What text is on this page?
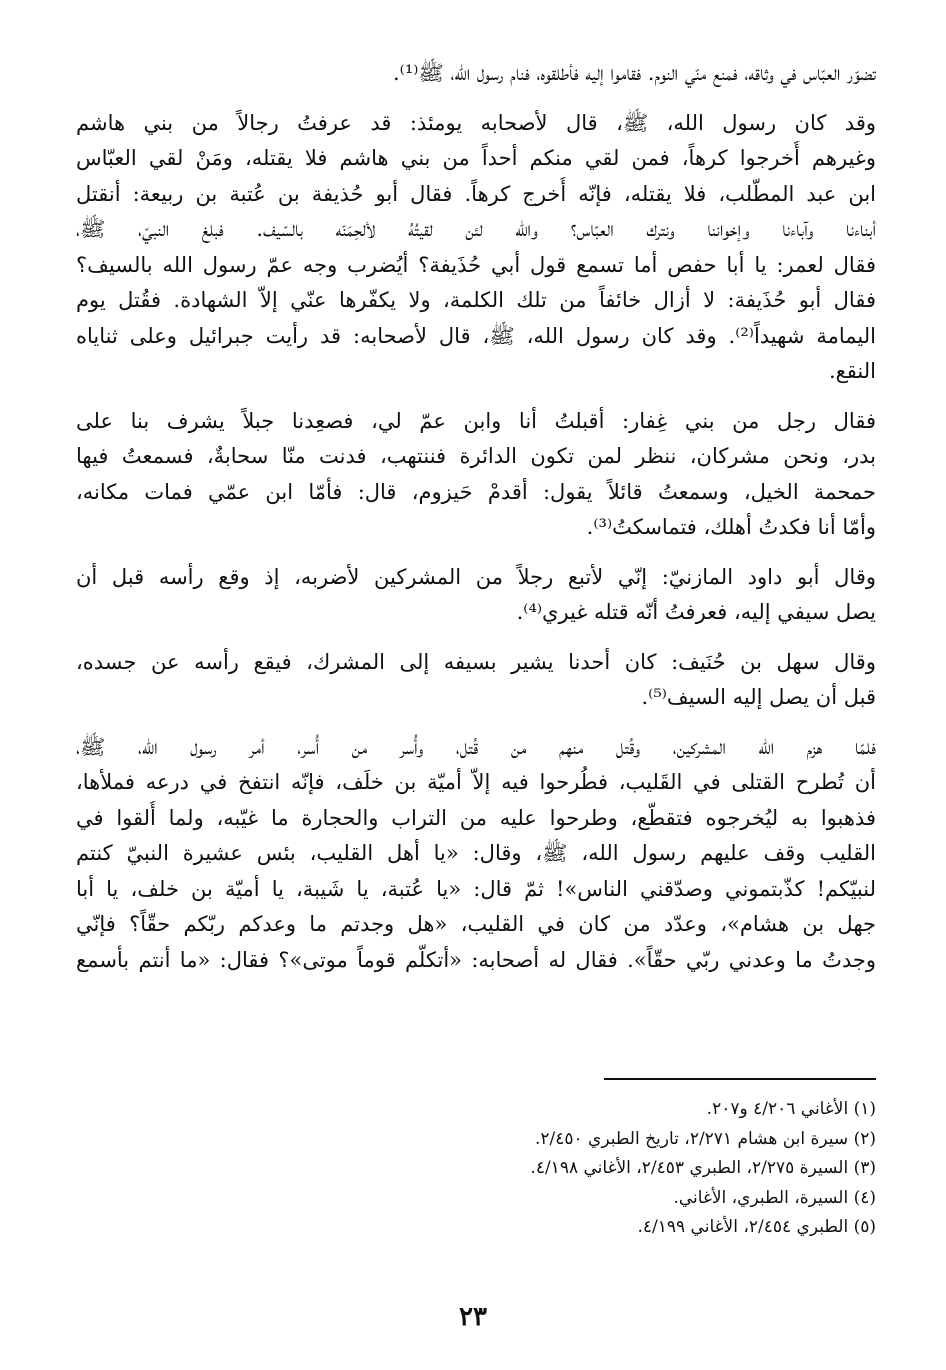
تضوّر العبّاس في وثاقه، فمنع منّي النوم. فقاموا إليه فأطلقوه، فنام رسول الله، ﷺ⁽¹⁾.

وقد كان رسول الله، ﷺ، قال لأصحابه يومئذ: قد عرفتُ رجالاً من بني هاشم
وغيرهم أُخرجوا كرهاً، فمن لقي منكم أحداً من بني هاشم فلا يقتله، ومَنْ لقي العبّاس
ابن عبد المطّلب، فلا يقتله، فإنّه أُخرج كرهاً. فقال أبو حُذيفة بن عُتبة بن ربيعة: أنقتل
أبناءنا وآباءنا وإخواننا ونترك العبّاس؟ والله لئن لقيتُهُ لألحِمَنّه بالسّيف. فبلغ النبيّ، ﷺ،
فقال لعمر: يا أبا حفص أما تسمع قول أبي حُذَيفة؟ أيُضرب وجه عمّ رسول الله بالسيف؟
فقال أبو حُذَيفة: لا أزال خائفاً من تلك الكلمة، ولا يكفّرها عنّي إلاّ الشهادة. فقُتل يوم
اليمامة شهيداً⁽²⁾. وقد كان رسول الله، ﷺ، قال لأصحابه: قد رأيت جبرائيل وعلى ثناياه
النقع.

فقال رجل من بني غِفار: أقبلتُ أنا وابن عمّ لي، فصعِدنا جبلاً يشرف بنا على
بدر، ونحن مشركان، ننظر لمن تكون الدائرة فننتهب، فدنت منّا سحابةٌ، فسمعتُ فيها
حمحمة الخيل، وسمعتُ قائلاً يقول: أقدمْ حَيزوم، قال: فأمّا ابن عمّي فمات مكانه،
وأمّا أنا فكدتُ أهلك، فتماسكتُ⁽³⁾.

وقال أبو داود المازنيّ: إنّي لأتبع رجلاً من المشركين لأضربه، إذ وقع رأسه قبل أن
يصل سيفي إليه، فعرفتُ أنّه قتله غيري⁽⁴⁾.

وقال سهل بن حُنَيف: كان أحدنا يشير بسيفه إلى المشرك، فيقع رأسه عن جسده،
قبل أن يصل إليه السيف⁽⁵⁾.

فلمّا هزم الله المشركين، وقُتل منهم من قُتل، وأُسر من أُسر، أمر رسول الله، ﷺ،
أن تُطرح القتلى في القَليب، فطُرحوا فيه إلاّ أميّة بن خلَف، فإنّه انتفخ في درعه فملأها،
فذهبوا به ليُخرجوه فتقطّع، وطرحوا عليه من التراب والحجارة ما غيّبه، ولما أُلقوا في
القليب وقف عليهم رسول الله، ﷺ، وقال: «يا أهل القليب، بئس عشيرة النبيّ كنتم
لنبيّكم! كذّبتموني وصدّقني الناس»! ثمّ قال: «يا عُتبة، يا شَيبة، يا أميّة بن خلف، يا أبا
جهل بن هشام»، وعدّد من كان في القليب، «هل وجدتم ما وعدكم ربّكم حقّاً؟ فإنّي
وجدتُ ما وعدني ربّي حقّاً». فقال له أصحابه: «أتكلّم قوماً موتى»؟ فقال: «ما أنتم بأسمع

(١) الأغاني ٤/٢٠٦ و٢٠٧.
(٢) سيرة ابن هشام ٢/٢٧١، تاريخ الطبري ٢/٤٥٠.
(٣) السيرة ٢/٢٧٥، الطبري ٢/٤٥٣، الأغاني ٤/١٩٨.
(٤) السيرة، الطبري، الأغاني.
(٥) الطبري ٢/٤٥٤، الأغاني ٤/١٩٩.
٢٣
